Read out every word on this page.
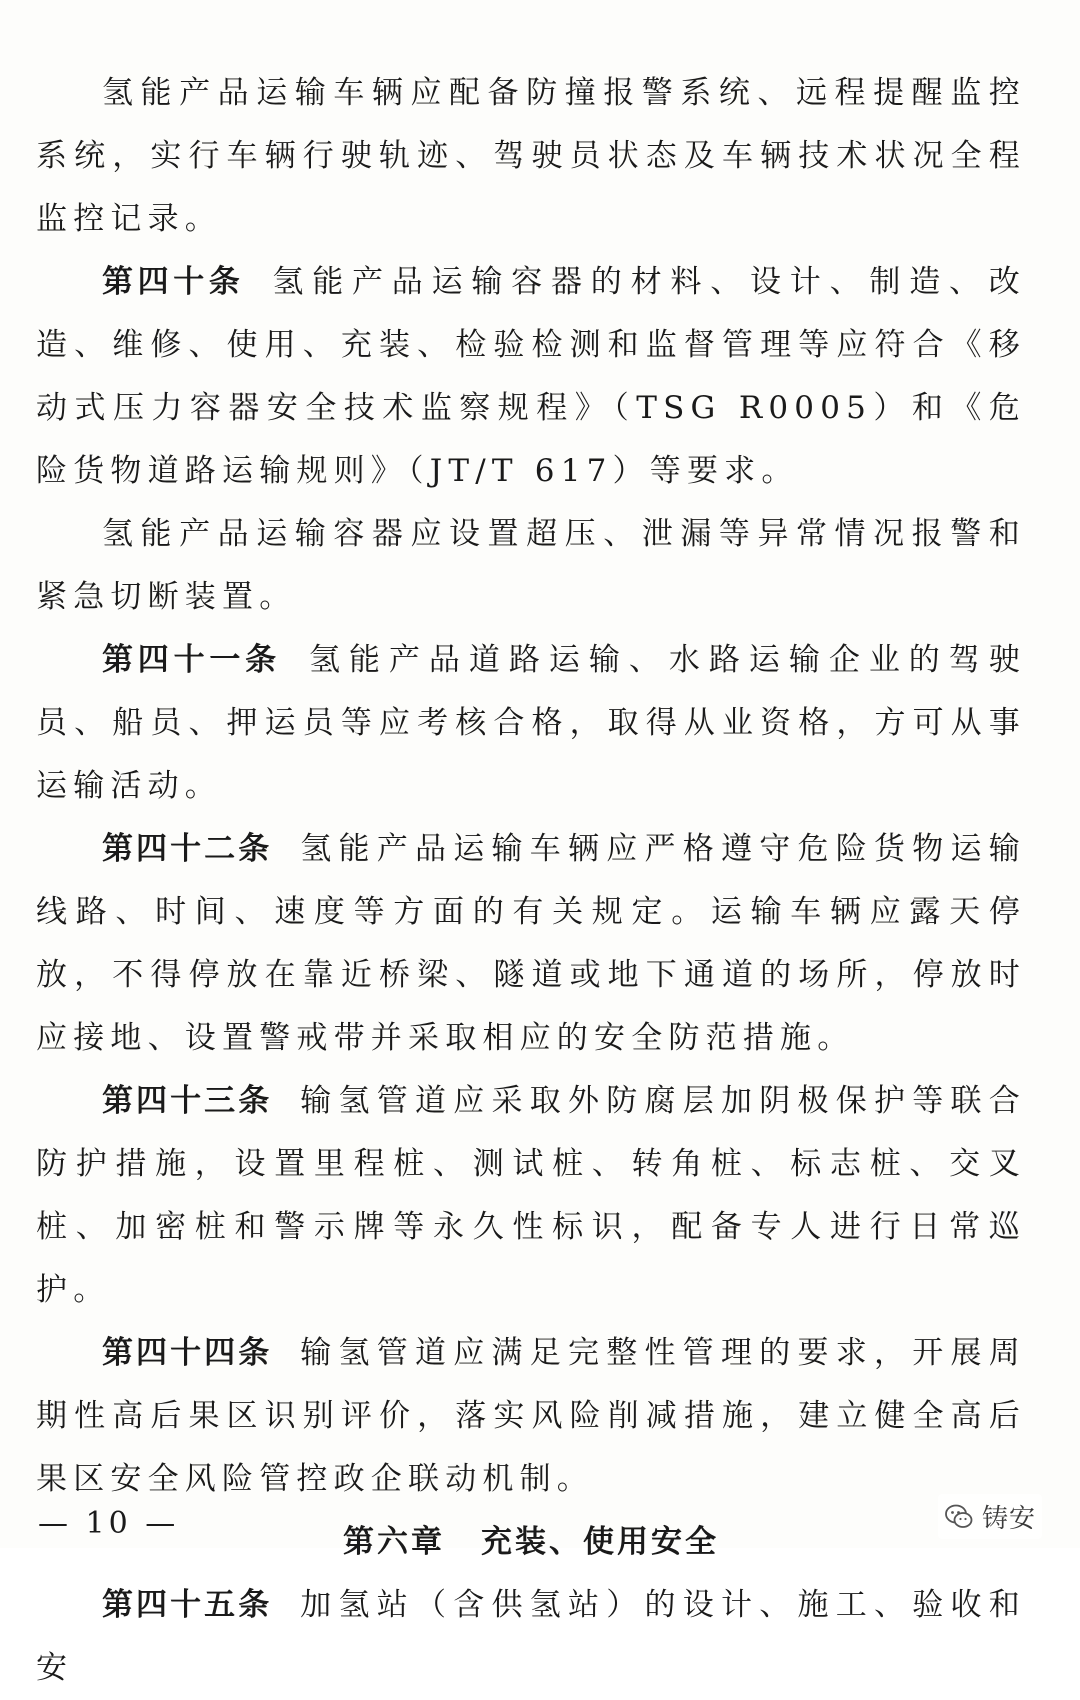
氢能产品运输车辆应配备防撞报警系统、远程提醒监控系统，实行车辆行驶轨迹、驾驶员状态及车辆技术状况全程监控记录。

第四十条 氢能产品运输容器的材料、设计、制造、改造、维修、使用、充装、检验检测和监督管理等应符合《移动式压力容器安全技术监察规程》（TSG R0005）和《危险货物道路运输规则》（JT/T 617）等要求。

氢能产品运输容器应设置超压、泄漏等异常情况报警和紧急切断装置。

第四十一条 氢能产品道路运输、水路运输企业的驾驶员、船员、押运员等应考核合格，取得从业资格，方可从事运输活动。

第四十二条 氢能产品运输车辆应严格遵守危险货物运输线路、时间、速度等方面的有关规定。运输车辆应露天停放，不得停放在靠近桥梁、隧道或地下通道的场所，停放时应接地、设置警戒带并采取相应的安全防范措施。

第四十三条 输氢管道应采取外防腐层加阴极保护等联合防护措施，设置里程桩、测试桩、转角桩、标志桩、交叉桩、加密桩和警示牌等永久性标识，配备专人进行日常巡护。

第四十四条 输氢管道应满足完整性管理的要求，开展周期性高后果区识别评价，落实风险削减措施，建立健全高后果区安全风险管控政企联动机制。

第六章 充装、使用安全

第四十五条 加氢站（含供氢站）的设计、施工、验收和安

— 10 —	铸安
